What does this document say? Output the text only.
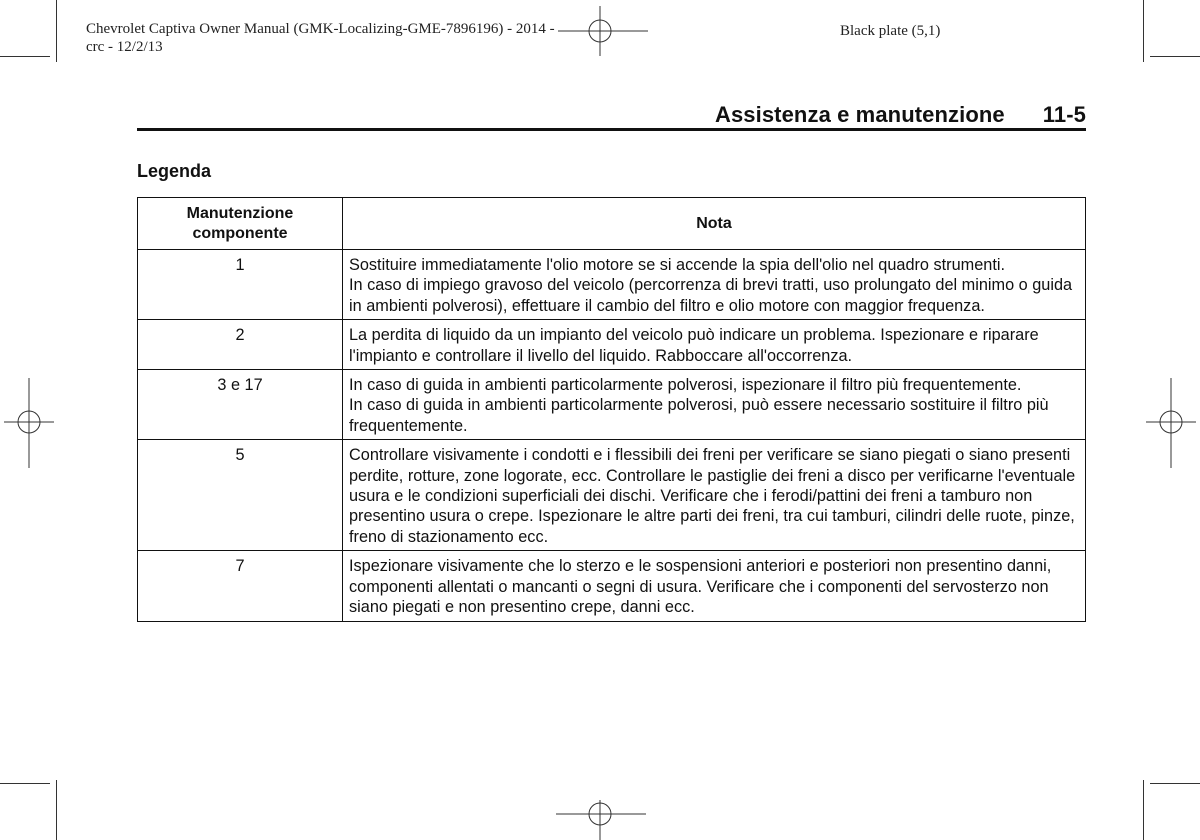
Chevrolet Captiva Owner Manual (GMK-Localizing-GME-7896196) - 2014 -
crc - 12/2/13
Black plate (5,1)
Assistenza e manutenzione 11-5
Legenda
Manutenzione componente	Nota
1	Sostituire immediatamente l'olio motore se si accende la spia dell'olio nel quadro strumenti.

In caso di impiego gravoso del veicolo (percorrenza di brevi tratti, uso prolungato del minimo o guida in ambienti polverosi), effettuare il cambio del filtro e olio motore con maggior frequenza.

2	La perdita di liquido da un impianto del veicolo può indicare un problema. Ispezionare e riparare l'impianto e controllare il livello del liquido. Rabboccare all'occorrenza.

3 e 17	In caso di guida in ambienti particolarmente polverosi, ispezionare il filtro più frequentemente.

In caso di guida in ambienti particolarmente polverosi, può essere necessario sostituire il filtro più frequentemente.

5	Controllare visivamente i condotti e i flessibili dei freni per verificare se siano piegati o siano presenti perdite, rotture, zone logorate, ecc. Controllare le pastiglie dei freni a disco per verificarne l'eventuale usura e le condizioni superficiali dei dischi. Verificare che i ferodi/pattini dei freni a tamburo non presentino usura o crepe. Ispezionare le altre parti dei freni, tra cui tamburi, cilindri delle ruote, pinze, freno di stazionamento ecc.

7	Ispezionare visivamente che lo sterzo e le sospensioni anteriori e posteriori non presentino danni, componenti allentati o mancanti o segni di usura. Verificare che i componenti del servosterzo non siano piegati e non presentino crepe, danni ecc.
